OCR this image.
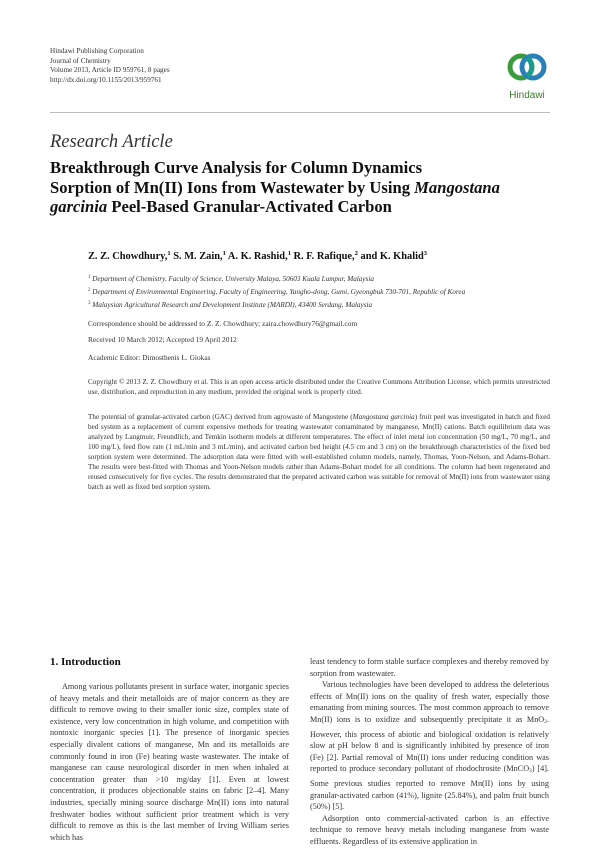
Hindawi Publishing Corporation
Journal of Chemistry
Volume 2013, Article ID 959761, 8 pages
http://dx.doi.org/10.1155/2013/959761
Hindawi
Research Article
Breakthrough Curve Analysis for Column Dynamics
Sorption of Mn(II) Ions from Wastewater by Using Mangostana
garcinia Peel-Based Granular-Activated Carbon
Z. Z. Chowdhury,$^1$ S. M. Zain,$^1$ A. K. Rashid,$^1$ R. F. Rafique,$^2$ and K. Khalid$^3$
$^1$ Department of Chemistry, Faculty of Science, University Malaya, 50603 Kuala Lumpur, Malaysia
$^2$ Department of Environmental Engineering, Faculty of Engineering, Yangho-dong, Gumi, Gyeongbuk 730-701, Republic of Korea
$^3$ Malaysian Agricultural Research and Development Institute (MARDI), 43400 Serdang, Malaysia
Correspondence should be addressed to Z. Z. Chowdhury; zaira.chowdhury76@gmail.com
Received 10 March 2012; Accepted 19 April 2012
Academic Editor: Dimosthenis L. Giokas
Copyright © 2013 Z. Z. Chowdhury et al. This is an open access article distributed under the Creative Commons Attribution License, which permits unrestricted use, distribution, and reproduction in any medium, provided the original work is properly cited.
The potential of granular-activated carbon (GAC) derived from agrowaste of Mangostene (Mangostana garcinia) fruit peel was investigated in batch and fixed bed system as a replacement of current expensive methods for treating wastewater contaminated by manganese, Mn(II) cations. Batch equilibrium data was analyzed by Langmuir, Freundlich, and Temkin isotherm models at different temperatures. The effect of inlet metal ion concentration (50 mg/L, 70 mg/L, and 100 mg/L), feed flow rate (1 mL/min and 3 mL/min), and activated carbon bed height (4.5 cm and 3 cm) on the breakthrough characteristics of the fixed bed sorption system were determined. The adsorption data were fitted with well-established column models, namely, Thomas, Yoon-Nelson, and Adams-Bohart. The results were best-fitted with Thomas and Yoon-Nelson models rather than Adams-Bohart model for all conditions. The column had been regenerated and reused consecutively for five cycles. The results demonstrated that the prepared activated carbon was suitable for removal of Mn(II) ions from wastewater using batch as well as fixed bed sorption system.
1. Introduction

Among various pollutants present in surface water, inorganic species of heavy metals and their metalloids are of major concern as they are difficult to remove owing to their smaller ionic size, complex state of existence, very low concentration in high volume, and competition with nontoxic inorganic species [1]. The presence of inorganic species especially divalent cations of manganese, Mn and its metalloids are commonly found in iron (Fe) bearing waste wastewater. The intake of manganese can cause neurological disorder in men when inhaled at concentration greater than >10 mg/day [1]. Even at lowest concentration, it produces objectionable stains on fabric [2–4]. Many industries, specially mining source discharge Mn(II) ions into natural freshwater bodies without sufficient prior treatment which is very difficult to remove as this is the last member of Irving William series which has

least tendency to form stable surface complexes and thereby removed by sorption from wastewater.

Various technologies have been developed to address the deleterious effects of Mn(II) ions on the quality of fresh water, especially those emanating from mining sources. The most common approach to remove Mn(II) ions is to oxidize and subsequently precipitate it as MnO$_2$. However, this process of abiotic and biological oxidation is relatively slow at pH below 8 and is significantly inhibited by presence of iron (Fe) [2]. Partial removal of Mn(II) ions under reducing condition was reported to produce secondary pollutant of rhodochrosite (MnCO$_3$) [4]. Some previous studies reported to remove Mn(II) ions by using granular-activated carbon (41%), lignite (25.84%), and palm fruit bunch (50%) [5].

Adsorption onto commercial-activated carbon is an effective technique to remove heavy metals including manganese from waste effluents. Regardless of its extensive application in
